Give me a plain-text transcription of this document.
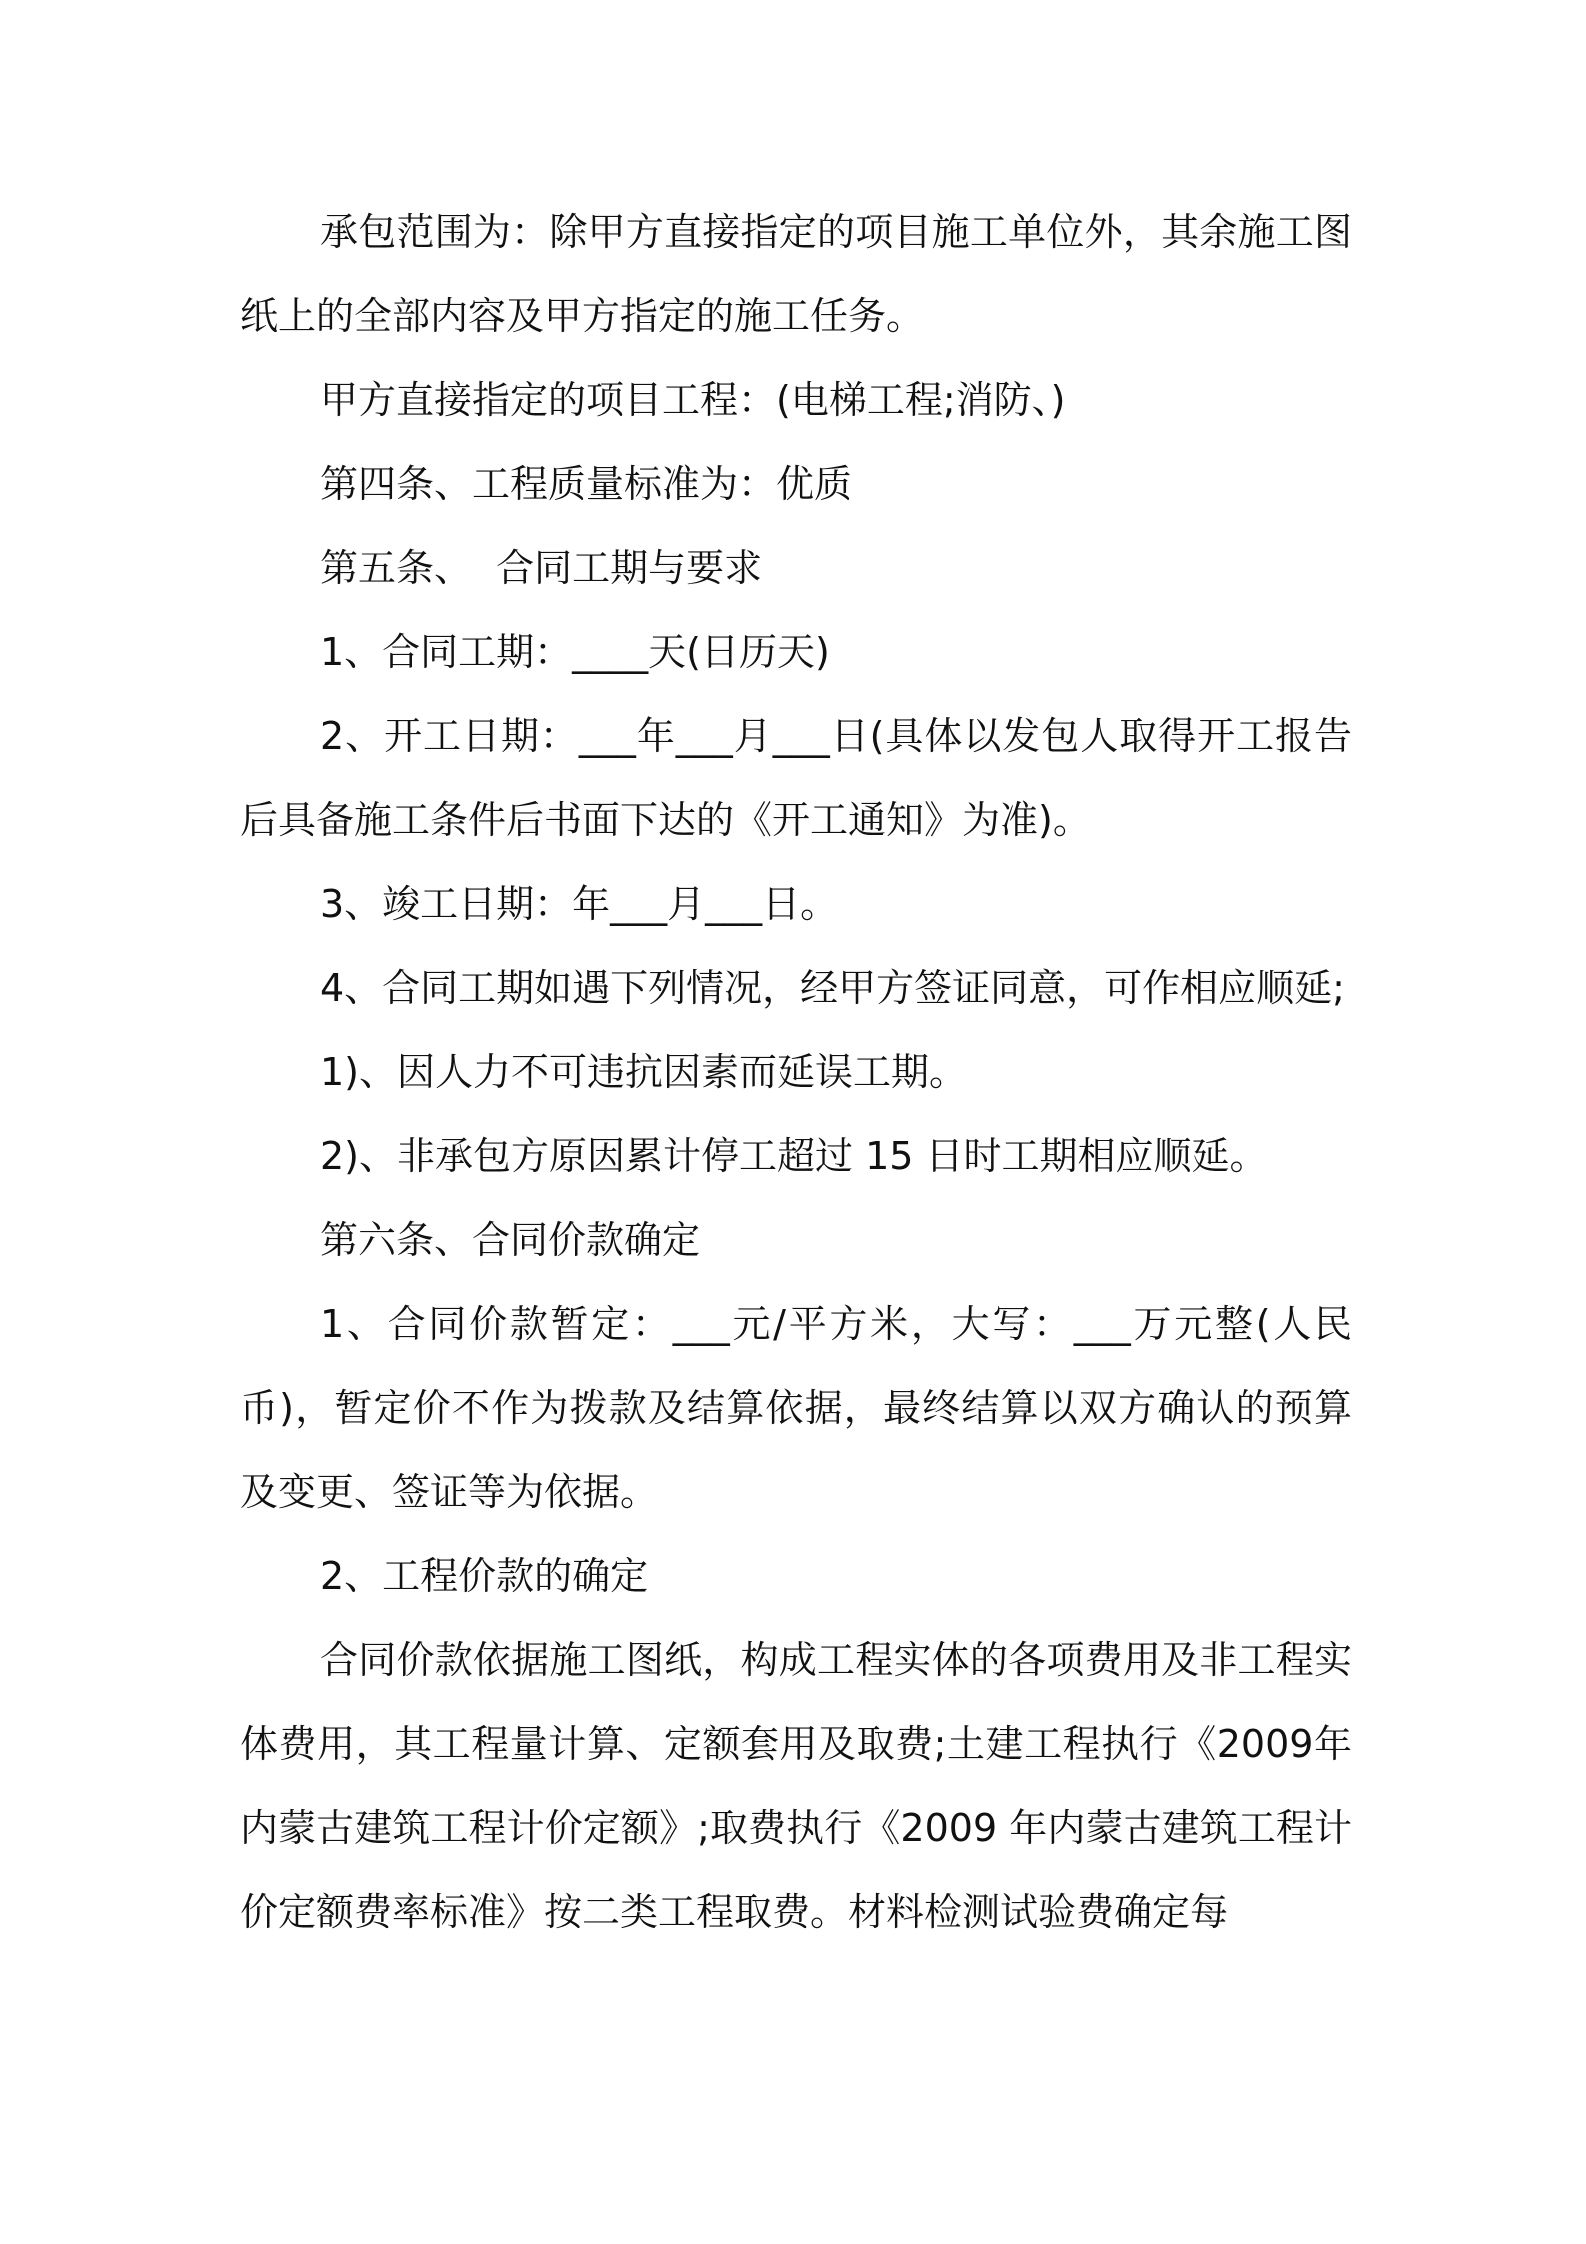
承包范围为：除甲方直接指定的项目施工单位外，其余施工图纸上的全部内容及甲方指定的施工任务。

甲方直接指定的项目工程：(电梯工程;消防、)

第四条、工程质量标准为：优质

第五条、  合同工期与要求

1、合同工期：____天(日历天)

2、开工日期：___年___月___日(具体以发包人取得开工报告后具备施工条件后书面下达的《开工通知》为准)。

3、竣工日期：年___月___日。

4、合同工期如遇下列情况，经甲方签证同意，可作相应顺延;

1)、因人力不可违抗因素而延误工期。

2)、非承包方原因累计停工超过 15 日时工期相应顺延。

第六条、合同价款确定

1、合同价款暂定：___元/平方米，大写：___万元整(人民币)，暂定价不作为拨款及结算依据，最终结算以双方确认的预算及变更、签证等为依据。

2、工程价款的确定

合同价款依据施工图纸，构成工程实体的各项费用及非工程实体费用，其工程量计算、定额套用及取费;土建工程执行《2009年内蒙古建筑工程计价定额》;取费执行《2009 年内蒙古建筑工程计价定额费率标准》按二类工程取费。材料检测试验费确定每
